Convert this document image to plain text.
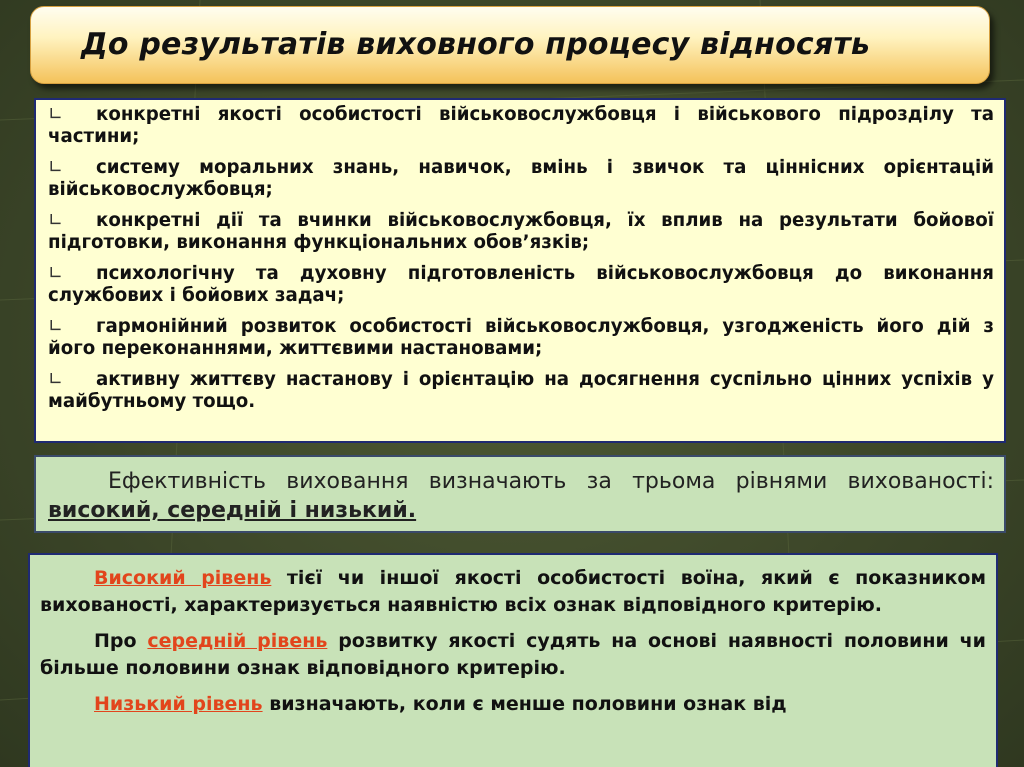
До результатів виховного процесу відносять
∟ конкретні якості особистості військовослужбовця і військового підрозділу та частини;
∟ систему моральних знань, навичок, вмінь і звичок та ціннісних орієнтацій військовослужбовця;
∟ конкретні дії та вчинки військовослужбовця, їх вплив на результати бойової підготовки, виконання функціональних обов’язків;
∟ психологічну та духовну підготовленість військовослужбовця до виконання службових і бойових задач;
∟ гармонійний розвиток особистості військовослужбовця, узгодженість його дій з його переконаннями, життєвими настановами;
∟ активну життєву настанову і орієнтацію на досягнення суспільно цінних успіхів у майбутньому тощо.

Ефективність виховання визначають за трьома рівнями вихованості: високий, середній і низький.

Високий рівень тієї чи іншої якості особистості воїна, який є показником вихованості, характеризується наявністю всіх ознак відповідного критерію.

Про середній рівень розвитку якості судять на основі наявності половини чи більше половини ознак відповідного критерію.

Низький рівень визначають, коли є менше половини ознак від
